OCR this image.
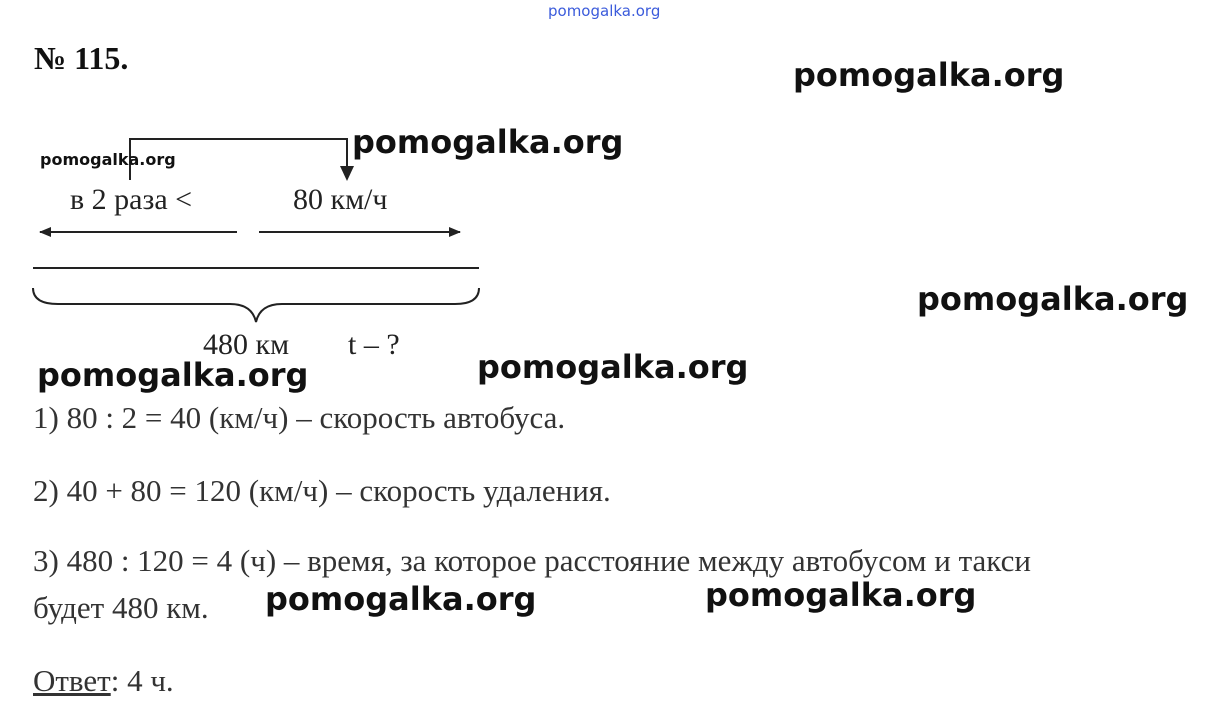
pomogalka.org
№ 115.
pomogalka.org
в 2 раза <	80 км/ч
480 км t – ?
pomogalka.org
pomogalka.org
pomogalka.org
pomogalka.org	pomogalka.org
1) 80 : 2 = 40 (км/ч) – скорость автобуса.
2) 40 + 80 = 120 (км/ч) – скорость удаления.
3) 480 : 120 = 4 (ч) – время, за которое расстояние между автобусом и такси
будет 480 км. pomogalka.org	pomogalka.org
Ответ: 4 ч.
